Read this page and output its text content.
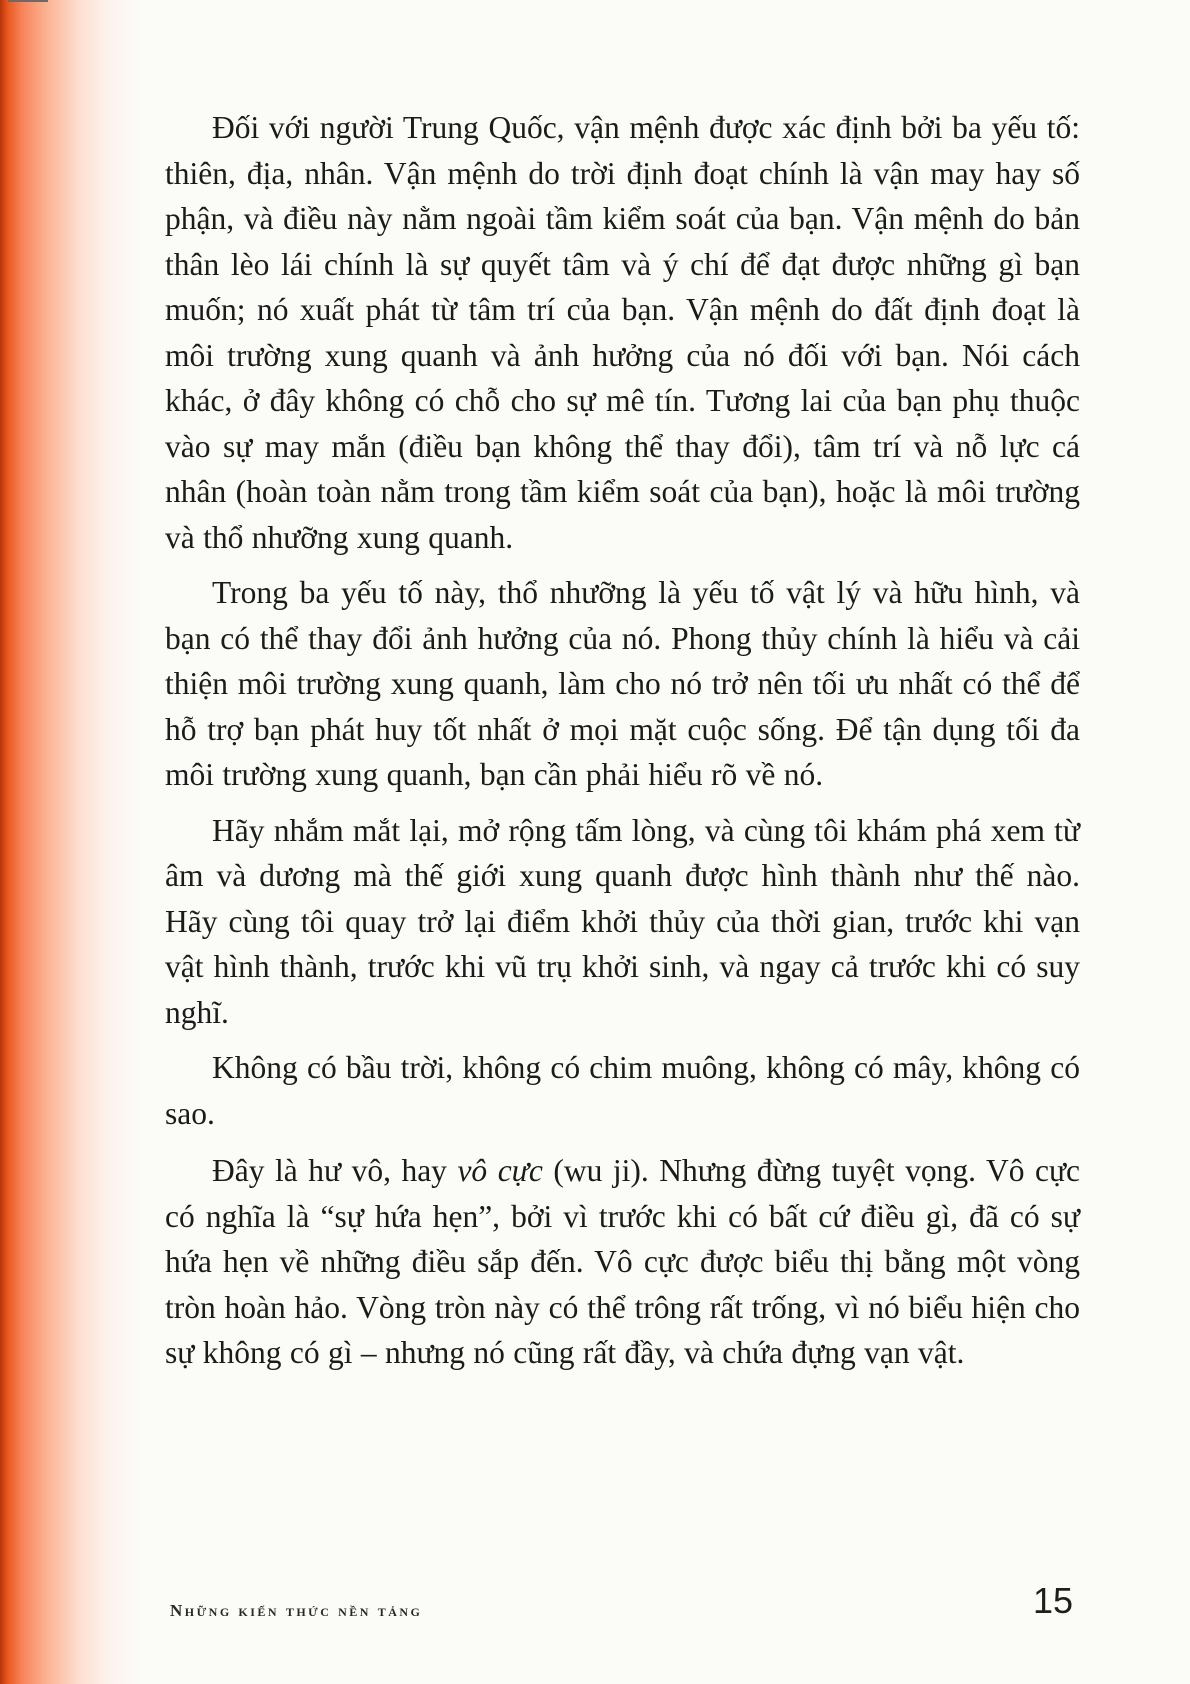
Đối với người Trung Quốc, vận mệnh được xác định bởi ba yếu tố: thiên, địa, nhân. Vận mệnh do trời định đoạt chính là vận may hay số phận, và điều này nằm ngoài tầm kiểm soát của bạn. Vận mệnh do bản thân lèo lái chính là sự quyết tâm và ý chí để đạt được những gì bạn muốn; nó xuất phát từ tâm trí của bạn. Vận mệnh do đất định đoạt là môi trường xung quanh và ảnh hưởng của nó đối với bạn. Nói cách khác, ở đây không có chỗ cho sự mê tín. Tương lai của bạn phụ thuộc vào sự may mắn (điều bạn không thể thay đổi), tâm trí và nỗ lực cá nhân (hoàn toàn nằm trong tầm kiểm soát của bạn), hoặc là môi trường và thổ nhưỡng xung quanh.

Trong ba yếu tố này, thổ nhưỡng là yếu tố vật lý và hữu hình, và bạn có thể thay đổi ảnh hưởng của nó. Phong thủy chính là hiểu và cải thiện môi trường xung quanh, làm cho nó trở nên tối ưu nhất có thể để hỗ trợ bạn phát huy tốt nhất ở mọi mặt cuộc sống. Để tận dụng tối đa môi trường xung quanh, bạn cần phải hiểu rõ về nó.

Hãy nhắm mắt lại, mở rộng tấm lòng, và cùng tôi khám phá xem từ âm và dương mà thế giới xung quanh được hình thành như thế nào. Hãy cùng tôi quay trở lại điểm khởi thủy của thời gian, trước khi vạn vật hình thành, trước khi vũ trụ khởi sinh, và ngay cả trước khi có suy nghĩ.

Không có bầu trời, không có chim muông, không có mây, không có sao.

Đây là hư vô, hay vô cực (wu ji). Nhưng đừng tuyệt vọng. Vô cực có nghĩa là “sự hứa hẹn”, bởi vì trước khi có bất cứ điều gì, đã có sự hứa hẹn về những điều sắp đến. Vô cực được biểu thị bằng một vòng tròn hoàn hảo. Vòng tròn này có thể trông rất trống, vì nó biểu hiện cho sự không có gì – nhưng nó cũng rất đầy, và chứa đựng vạn vật.

Những kiến thức nền tảng	15
